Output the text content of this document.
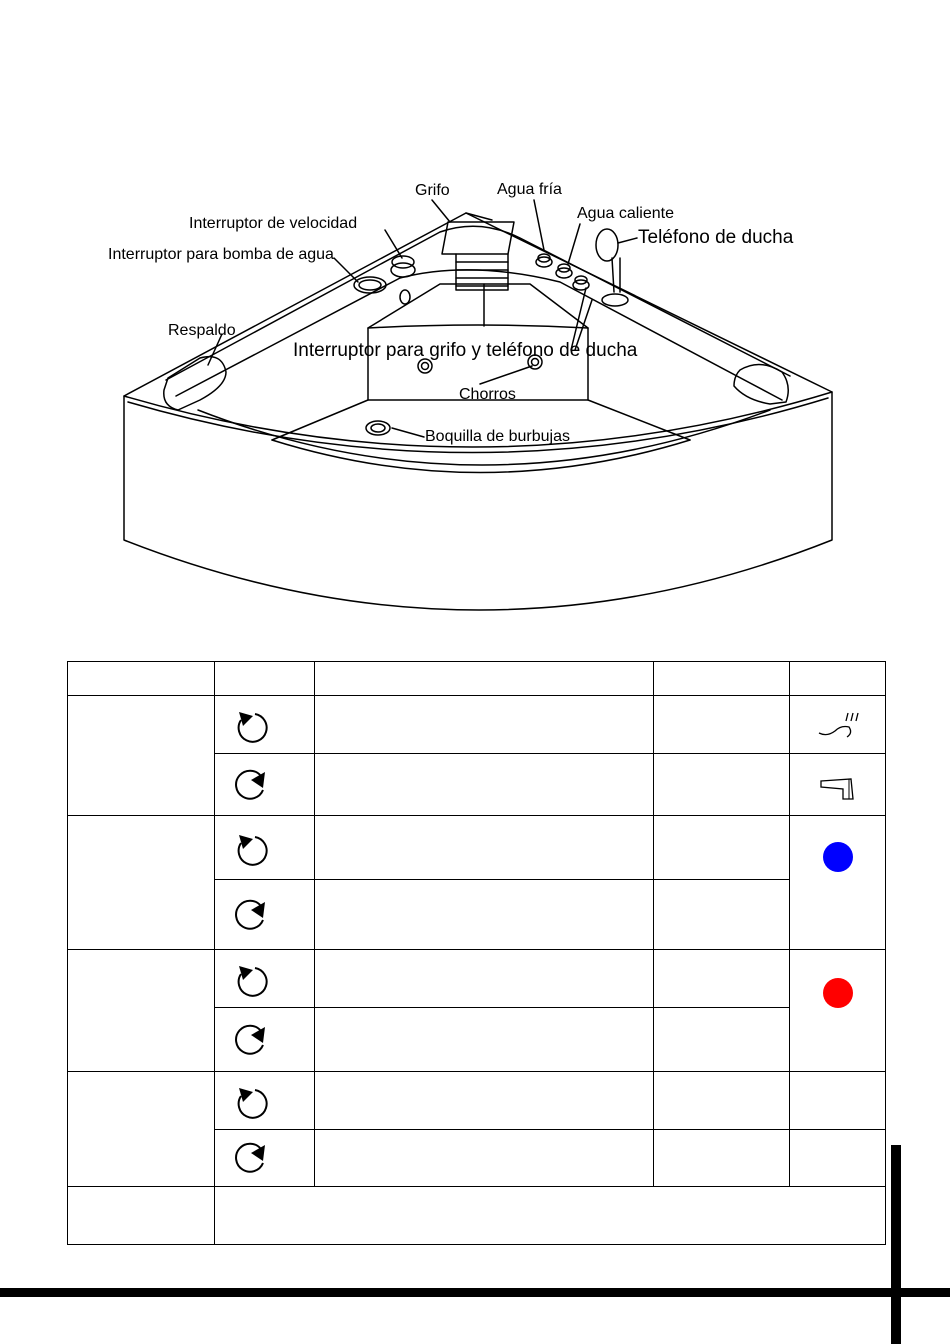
Grifo	Agua fría
Agua caliente
Interruptor de velocidad
Interruptor para bomba de agua
Teléfono de ducha
Respaldo
Interruptor para grifo y teléfono de ducha
Chorros
Boquilla de burbujas
